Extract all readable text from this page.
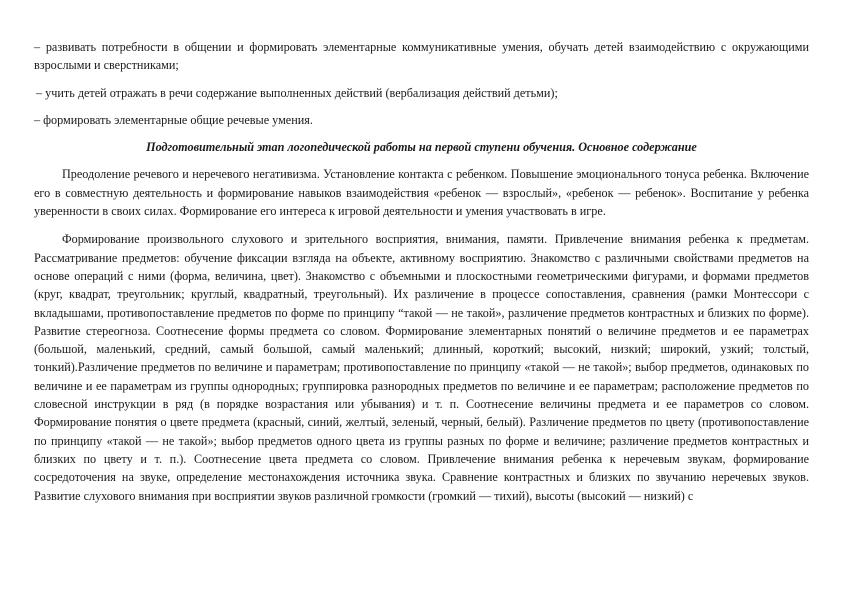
– развивать потребности в общении и формировать элементарные коммуникативные умения, обучать детей взаимодействию с окружающими взрослыми и сверстниками;

– учить детей отражать в речи содержание выполненных действий (вербализация действий детьми);

– формировать элементарные общие речевые умения.

Подготовительный этап логопедической работы на первой ступени обучения. Основное содержание

Преодоление речевого и неречевого негативизма. Установление контакта с ребенком. Повышение эмоционального тонуса ребенка. Включение его в совместную деятельность и формирование навыков взаимодействия «ребенок — взрослый», «ребенок — ребенок». Воспитание у ребенка уверенности в своих силах. Формирование его интереса к игровой деятельности и умения участвовать в игре.

Формирование произвольного слухового и зрительного восприятия, внимания, памяти. Привлечение внимания ребенка к предметам. Рассматривание предметов: обучение фиксации взгляда на объекте, активному восприятию. Знакомство с различными свойствами предметов на основе операций с ними (форма, величина, цвет). Знакомство с объемными и плоскостными геометрическими фигурами, и формами предметов (круг, квадрат, треугольник; круглый, квадратный, треугольный). Их различение в процессе сопоставления, сравнения (рамки Монтессори с вкладышами, противопоставление предметов по форме по принципу “такой — не такой», различение предметов контрастных и близких по форме). Развитие стереогноза. Соотнесение формы предмета со словом. Формирование элементарных понятий о величине предметов и ее параметрах (большой, маленький, средний, самый большой, самый маленький; длинный, короткий; высокий, низкий; широкий, узкий; толстый, тонкий).Различение предметов по величине и параметрам; противопоставление по принципу «такой — не такой»; выбор предметов, одинаковых по величине и ее параметрам из группы однородных; группировка разнородных предметов по величине и ее параметрам; расположение предметов по словесной инструкции в ряд (в порядке возрастания или убывания) и т. п. Соотнесение величины предмета и ее параметров со словом. Формирование понятия о цвете предмета (красный, синий, желтый, зеленый, черный, белый). Различение предметов по цвету (противопоставление по принципу «такой — не такой»; выбор предметов одного цвета из группы разных по форме и величине; различение предметов контрастных и близких по цвету и т. п.). Соотнесение цвета предмета со словом. Привлечение внимания ребенка к неречевым звукам, формирование сосредоточения на звуке, определение местонахождения источника звука. Сравнение контрастных и близких по звучанию неречевых звуков. Развитие слухового внимания при восприятии звуков различной громкости (громкий — тихий), высоты (высокий — низкий) с
